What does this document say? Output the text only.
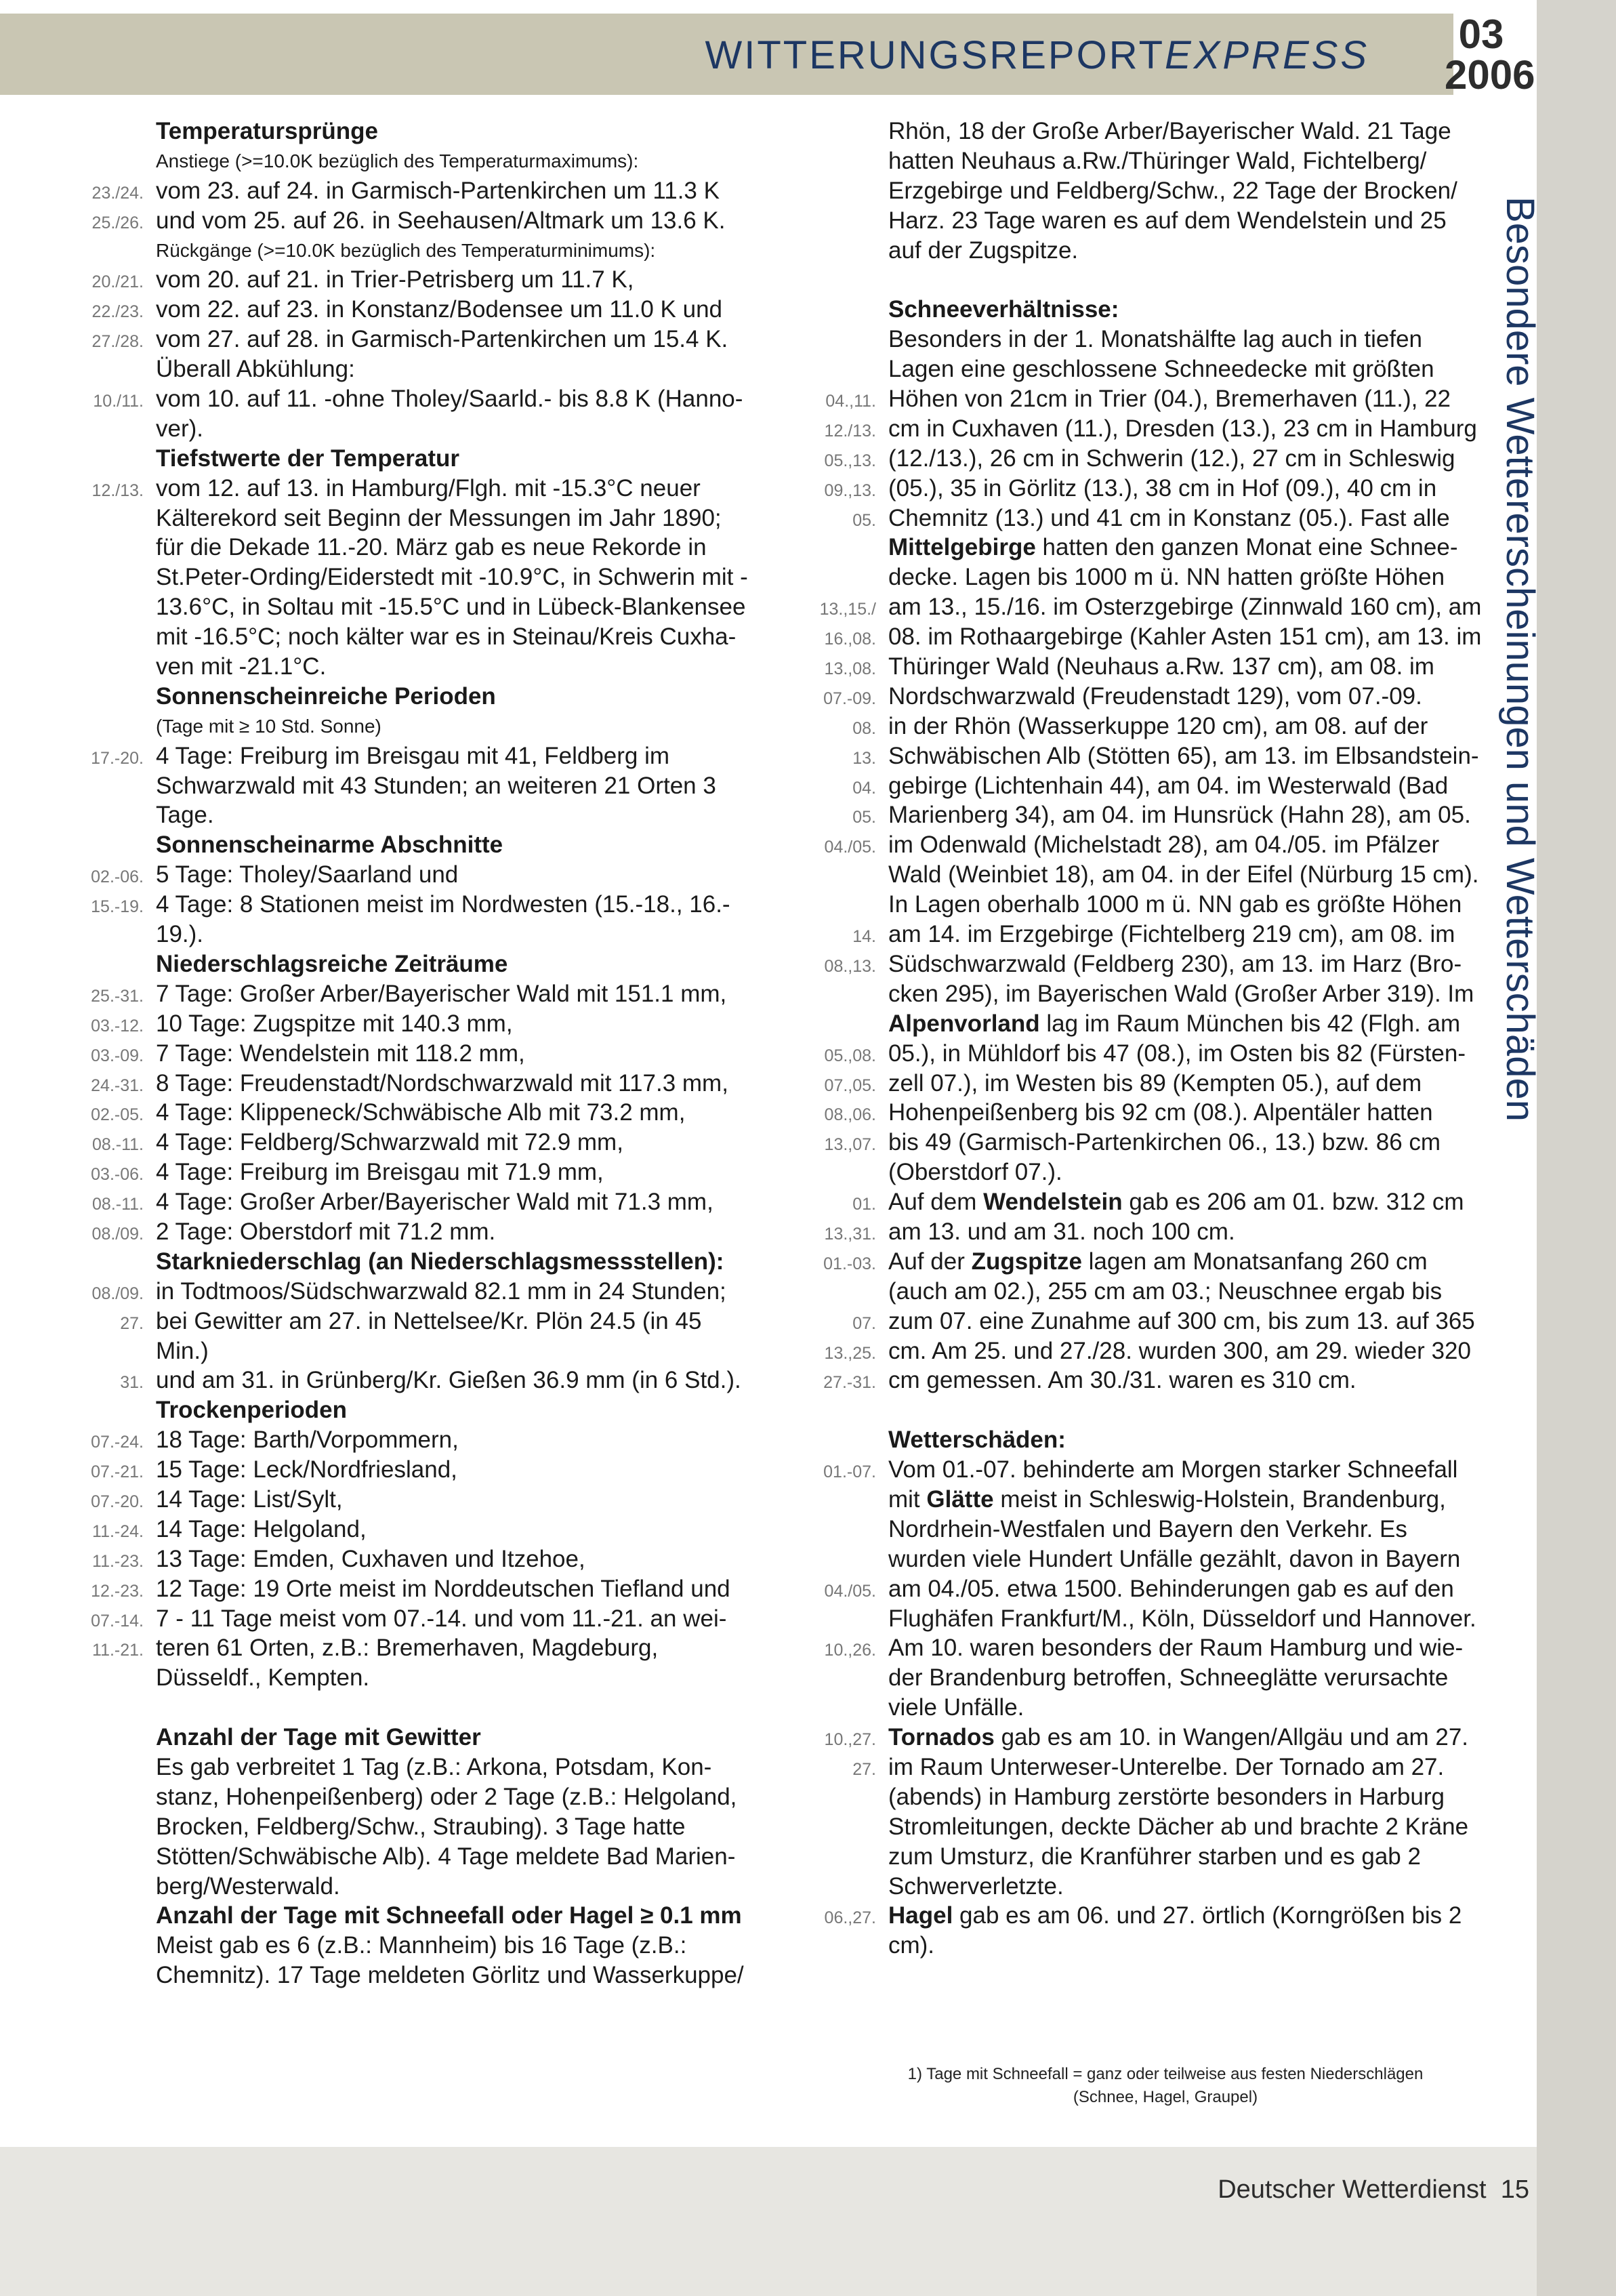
WITTERUNGSREPORTEXPRESS	03
2006
Besondere Wettererscheinungen und Wetterschäden
Temperatursprünge
Anstiege (>=10.0K bezüglich des Temperaturmaximums):
23./24. vom 23. auf 24. in Garmisch-Partenkirchen um 11.3 K
25./26. und vom 25. auf 26. in Seehausen/Altmark um 13.6 K.
Rückgänge (>=10.0K bezüglich des Temperaturminimums):
20./21. vom 20. auf 21. in Trier-Petrisberg um 11.7 K,
22./23. vom 22. auf 23. in Konstanz/Bodensee um 11.0 K und
27./28. vom 27. auf 28. in Garmisch-Partenkirchen um 15.4 K.
Überall Abkühlung:
10./11. vom 10. auf 11. -ohne Tholey/Saarld.- bis 8.8 K (Hanno-
ver).
Tiefstwerte der Temperatur
12./13. vom 12. auf 13. in Hamburg/Flgh. mit -15.3°C neuer
Kälterekord seit Beginn der Messungen im Jahr 1890;
für die Dekade 11.-20. März gab es neue Rekorde in
St.Peter-Ording/Eiderstedt mit -10.9°C, in Schwerin mit -
13.6°C, in Soltau mit -15.5°C und in Lübeck-Blankensee
mit -16.5°C; noch kälter war es in Steinau/Kreis Cuxha-
ven mit -21.1°C.
Sonnenscheinreiche Perioden
(Tage mit ≥ 10 Std. Sonne)
17.-20. 4 Tage: Freiburg im Breisgau mit 41, Feldberg im
Schwarzwald mit 43 Stunden; an weiteren 21 Orten 3
Tage.
Sonnenscheinarme Abschnitte
02.-06. 5 Tage: Tholey/Saarland und
15.-19. 4 Tage: 8 Stationen meist im Nordwesten (15.-18., 16.-
19.).
Niederschlagsreiche Zeiträume
25.-31. 7 Tage: Großer Arber/Bayerischer Wald mit 151.1 mm,
03.-12. 10 Tage: Zugspitze mit 140.3 mm,
03.-09. 7 Tage: Wendelstein mit 118.2 mm,
24.-31. 8 Tage: Freudenstadt/Nordschwarzwald mit 117.3 mm,
02.-05. 4 Tage: Klippeneck/Schwäbische Alb mit 73.2 mm,
08.-11. 4 Tage: Feldberg/Schwarzwald mit 72.9 mm,
03.-06. 4 Tage: Freiburg im Breisgau mit 71.9 mm,
08.-11. 4 Tage: Großer Arber/Bayerischer Wald mit 71.3 mm,
08./09. 2 Tage: Oberstdorf mit 71.2 mm.
Starkniederschlag (an Niederschlagsmessstellen):
08./09. in Todtmoos/Südschwarzwald 82.1 mm in 24 Stunden;
27. bei Gewitter am 27. in Nettelsee/Kr. Plön 24.5 (in 45
Min.)
31. und am 31. in Grünberg/Kr. Gießen 36.9 mm (in 6 Std.).
Trockenperioden
07.-24. 18 Tage: Barth/Vorpommern,
07.-21. 15 Tage: Leck/Nordfriesland,
07.-20. 14 Tage: List/Sylt,
11.-24. 14 Tage: Helgoland,
11.-23. 13 Tage: Emden, Cuxhaven und Itzehoe,
12.-23. 12 Tage: 19 Orte meist im Norddeutschen Tiefland und
07.-14. 7 - 11 Tage meist vom 07.-14. und vom 11.-21. an wei-
11.-21. teren 61 Orten, z.B.: Bremerhaven, Magdeburg,
Düsseldf., Kempten.
Anzahl der Tage mit Gewitter
Es gab verbreitet 1 Tag (z.B.: Arkona, Potsdam, Kon-
stanz, Hohenpeißenberg) oder 2 Tage (z.B.: Helgoland,
Brocken, Feldberg/Schw., Straubing). 3 Tage hatte
Stötten/Schwäbische Alb). 4 Tage meldete Bad Marien-
berg/Westerwald.
Anzahl der Tage mit Schneefall oder Hagel ≥ 0.1 mm
Meist gab es 6 (z.B.: Mannheim) bis 16 Tage (z.B.:
Chemnitz). 17 Tage meldeten Görlitz und Wasserkuppe/
Rhön, 18 der Große Arber/Bayerischer Wald. 21 Tage
hatten Neuhaus a.Rw./Thüringer Wald, Fichtelberg/
Erzgebirge und Feldberg/Schw., 22 Tage der Brocken/
Harz. 23 Tage waren es auf dem Wendelstein und 25
auf der Zugspitze.
Schneeverhältnisse:
Besonders in der 1. Monatshälfte lag auch in tiefen
Lagen eine geschlossene Schneedecke mit größten
04.,11. Höhen von 21cm in Trier (04.), Bremerhaven (11.), 22
12./13. cm in Cuxhaven (11.), Dresden (13.), 23 cm in Hamburg
05.,13. (12./13.), 26 cm in Schwerin (12.), 27 cm in Schleswig
09.,13. (05.), 35 in Görlitz (13.), 38 cm in Hof (09.), 40 cm in
05. Chemnitz (13.) und 41 cm in Konstanz (05.). Fast alle
Mittelgebirge hatten den ganzen Monat eine Schnee-
decke. Lagen bis 1000 m ü. NN hatten größte Höhen
13.,15./ am 13., 15./16. im Osterzgebirge (Zinnwald 160 cm), am
16.,08. 08. im Rothaargebirge (Kahler Asten 151 cm), am 13. im
13.,08. Thüringer Wald (Neuhaus a.Rw. 137 cm), am 08. im
07.-09. Nordschwarzwald (Freudenstadt 129), vom 07.-09.
08. in der Rhön (Wasserkuppe 120 cm), am 08. auf der
13. Schwäbischen Alb (Stötten 65), am 13. im Elbsandstein-
04. gebirge (Lichtenhain 44), am 04. im Westerwald (Bad
05. Marienberg 34), am 04. im Hunsrück (Hahn 28), am 05.
04./05. im Odenwald (Michelstadt 28), am 04./05. im Pfälzer
Wald (Weinbiet 18), am 04. in der Eifel (Nürburg 15 cm).
In Lagen oberhalb 1000 m ü. NN gab es größte Höhen
14. am 14. im Erzgebirge (Fichtelberg 219 cm), am 08. im
08.,13. Südschwarzwald (Feldberg 230), am 13. im Harz (Bro-
cken 295), im Bayerischen Wald (Großer Arber 319). Im
Alpenvorland lag im Raum München bis 42 (Flgh. am
05.,08. 05.), in Mühldorf bis 47 (08.), im Osten bis 82 (Fürsten-
07.,05. zell 07.), im Westen bis 89 (Kempten 05.), auf dem
08.,06. Hohenpeißenberg bis 92 cm (08.). Alpentäler hatten
13.,07. bis 49 (Garmisch-Partenkirchen 06., 13.) bzw. 86 cm
(Oberstdorf 07.).
01. Auf dem Wendelstein gab es 206 am 01. bzw. 312 cm
13.,31. am 13. und am 31. noch 100 cm.
01.-03. Auf der Zugspitze lagen am Monatsanfang 260 cm
(auch am 02.), 255 cm am 03.; Neuschnee ergab bis
07. zum 07. eine Zunahme auf 300 cm, bis zum 13. auf 365
13.,25. cm. Am 25. und 27./28. wurden 300, am 29. wieder 320
27.-31. cm gemessen. Am 30./31. waren es 310 cm.
Wetterschäden:
01.-07. Vom 01.-07. behinderte am Morgen starker Schneefall
mit Glätte meist in Schleswig-Holstein, Brandenburg,
Nordrhein-Westfalen und Bayern den Verkehr. Es
wurden viele Hundert Unfälle gezählt, davon in Bayern
04./05. am 04./05. etwa 1500. Behinderungen gab es auf den
Flughäfen Frankfurt/M., Köln, Düsseldorf und Hannover.
10.,26. Am 10. waren besonders der Raum Hamburg und wie-
der Brandenburg betroffen, Schneeglätte verursachte
viele Unfälle.
10.,27. Tornados gab es am 10. in Wangen/Allgäu und am 27.
27. im Raum Unterweser-Unterelbe. Der Tornado am 27.
(abends) in Hamburg zerstörte besonders in Harburg
Stromleitungen, deckte Dächer ab und brachte 2 Kräne
zum Umsturz, die Kranführer starben und es gab 2
Schwerverletzte.
06.,27. Hagel gab es am 06. und 27. örtlich (Korngrößen bis 2
cm).
1) Tage mit Schneefall = ganz oder teilweise aus festen Niederschlägen
(Schnee, Hagel, Graupel)
Deutscher Wetterdienst 15
